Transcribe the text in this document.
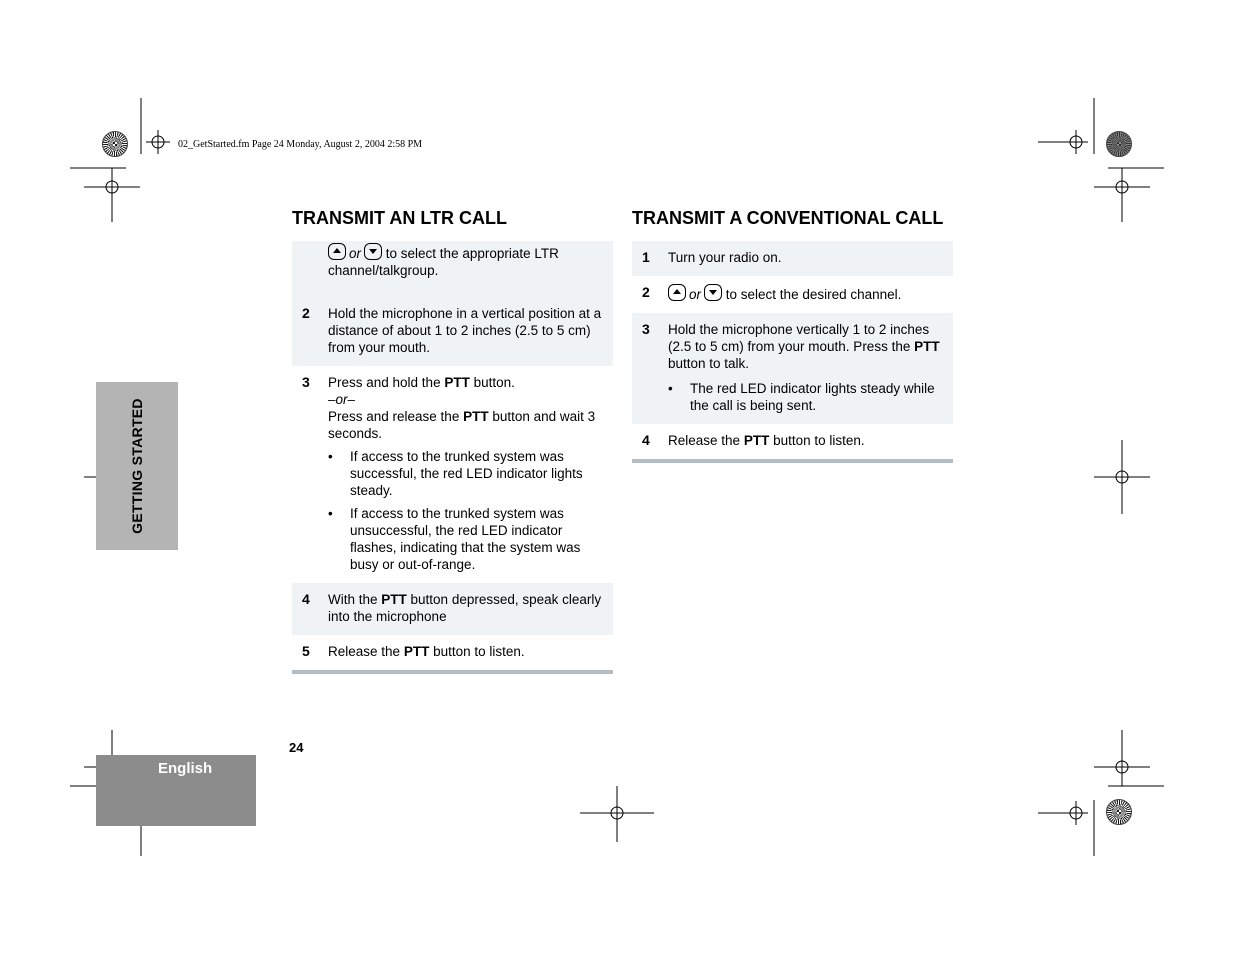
02_GetStarted.fm Page 24 Monday, August 2, 2004 2:58 PM
GETTING STARTED
English
24
TRANSMIT AN LTR CALL

or to select the appropriate LTR channel/talkgroup.

2	Hold the microphone in a vertical position at a distance of about 1 to 2 inches (2.5 to 5 cm) from your mouth.

3	Press and hold the PTT button.

–or–

Press and release the PTT button and wait 3 seconds.

•	If access to the trunked system was successful, the red LED indicator lights steady.
•	If access to the trunked system was unsuccessful, the red LED indicator flashes, indicating that the system was busy or out-of-range.
4	With the PTT button depressed, speak clearly into the microphone

5	Release the PTT button to listen.

TRANSMIT A CONVENTIONAL CALL
1	Turn your radio on.

2	or to select the desired channel.

3	Hold the microphone vertically 1 to 2 inches (2.5 to 5 cm) from your mouth. Press the PTT button to talk.

•	The red LED indicator lights steady while the call is being sent.
4	Release the PTT button to listen.
